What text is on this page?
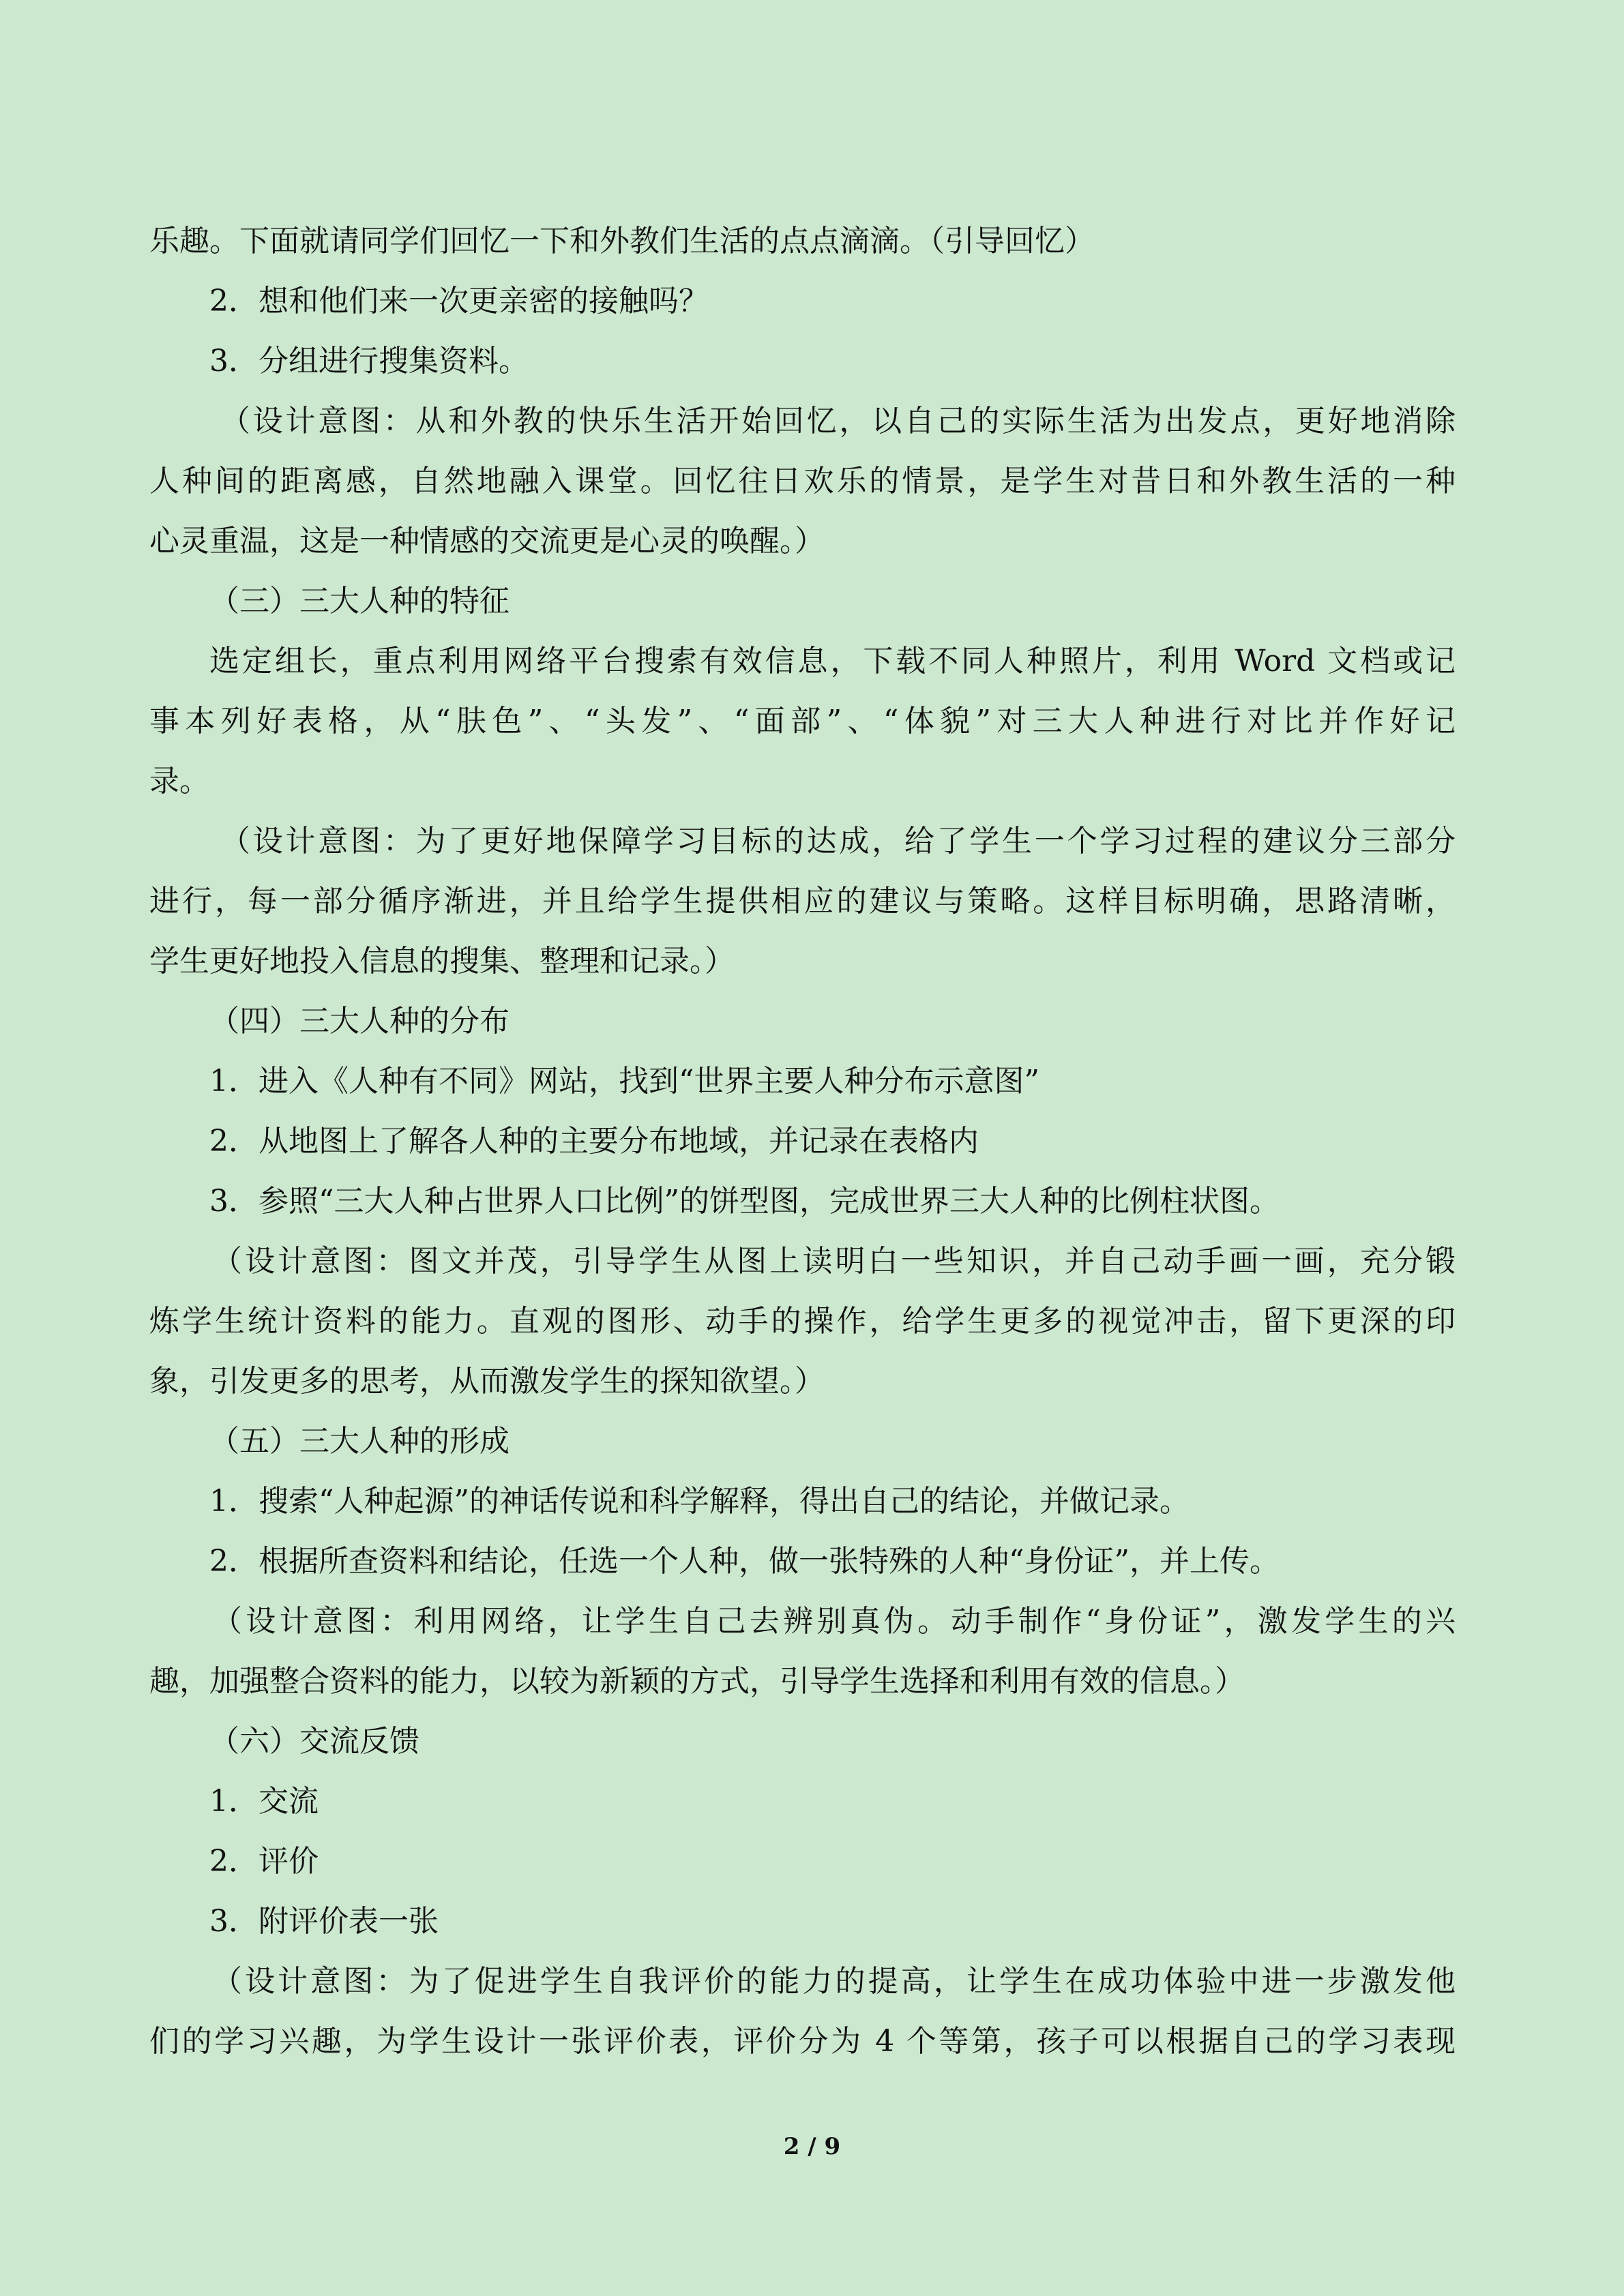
乐趣。下面就请同学们回忆一下和外教们生活的点点滴滴。（引导回忆）
2．想和他们来一次更亲密的接触吗？
3．分组进行搜集资料。
（设计意图：从和外教的快乐生活开始回忆，以自己的实际生活为出发点，更好地消除
人种间的距离感，自然地融入课堂。回忆往日欢乐的情景，是学生对昔日和外教生活的一种
心灵重温，这是一种情感的交流更是心灵的唤醒。）
（三）三大人种的特征
选定组长，重点利用网络平台搜索有效信息，下载不同人种照片，利用 Word 文档或记
事本列好表格，从“肤色”、“头发”、“面部”、“体貌”对三大人种进行对比并作好记
录。
（设计意图：为了更好地保障学习目标的达成，给了学生一个学习过程的建议分三部分
进行，每一部分循序渐进，并且给学生提供相应的建议与策略。这样目标明确，思路清晰，
学生更好地投入信息的搜集、整理和记录。）
（四）三大人种的分布
1．进入《人种有不同》网站，找到“世界主要人种分布示意图”
2．从地图上了解各人种的主要分布地域，并记录在表格内
3．参照“三大人种占世界人口比例”的饼型图，完成世界三大人种的比例柱状图。
（设计意图：图文并茂，引导学生从图上读明白一些知识，并自己动手画一画，充分锻
炼学生统计资料的能力。直观的图形、动手的操作，给学生更多的视觉冲击，留下更深的印
象，引发更多的思考，从而激发学生的探知欲望。）
（五）三大人种的形成
1．搜索“人种起源”的神话传说和科学解释，得出自己的结论，并做记录。
2．根据所查资料和结论，任选一个人种，做一张特殊的人种“身份证”，并上传。
（设计意图：利用网络，让学生自己去辨别真伪。动手制作“身份证”，激发学生的兴
趣，加强整合资料的能力，以较为新颖的方式，引导学生选择和利用有效的信息。）
（六）交流反馈
1．交流
2．评价
3．附评价表一张
（设计意图：为了促进学生自我评价的能力的提高，让学生在成功体验中进一步激发他
们的学习兴趣，为学生设计一张评价表，评价分为 4 个等第，孩子可以根据自己的学习表现
2 / 9
